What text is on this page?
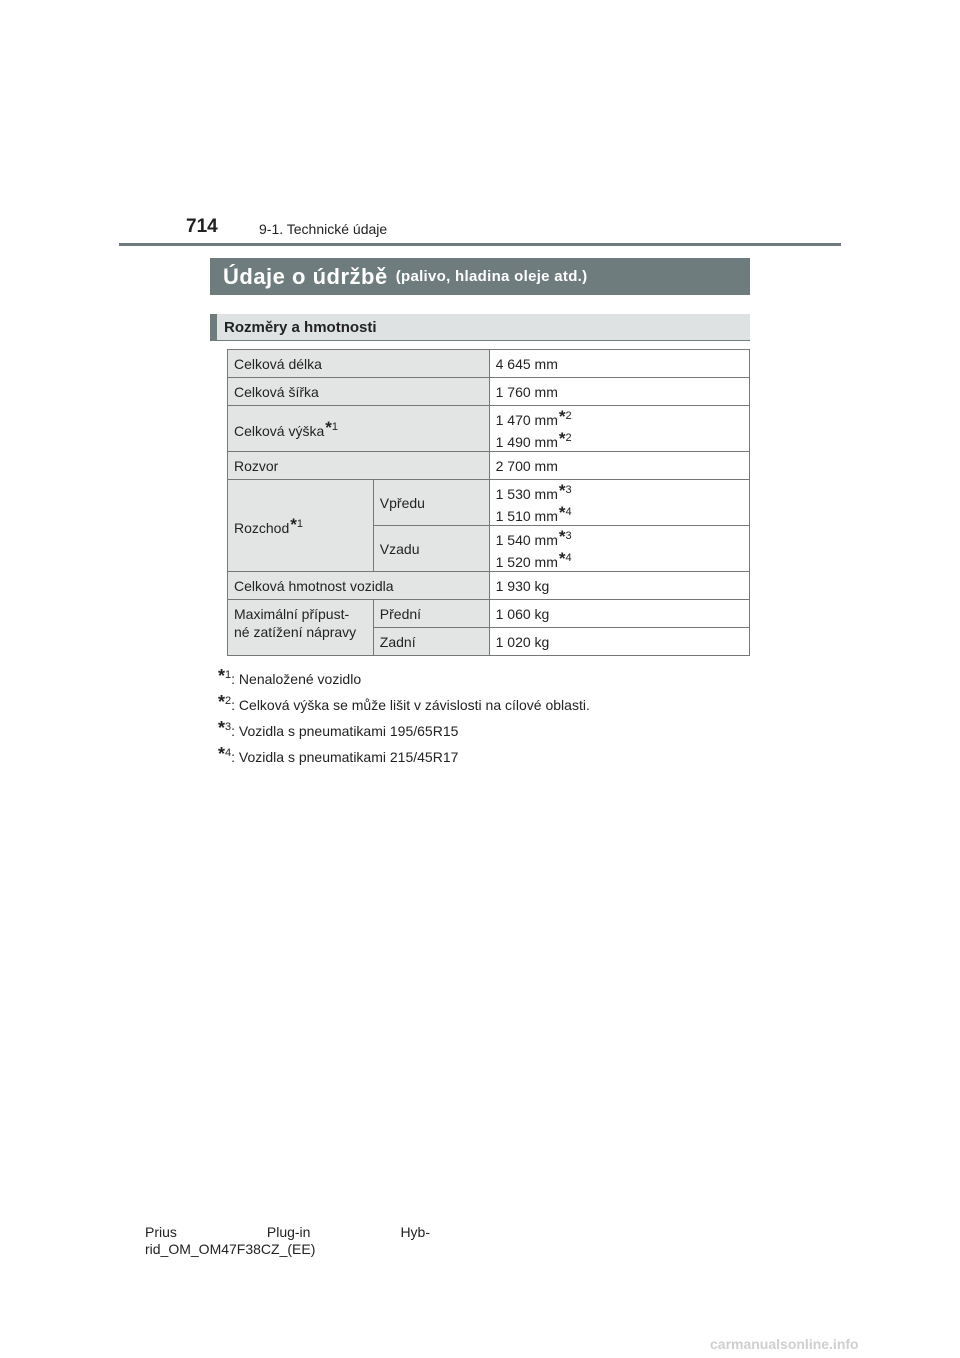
714	9-1. Technické údaje
Údaje o údržbě (palivo, hladina oleje atd.)
Rozměry a hmotnosti
Celková délka		4 645 mm
Celková šířka		1 760 mm
Celková výška*$^1$		1 470 mm*$^2$
1 490 mm*$^2$

Rozvor		2 700 mm
Rozchod*$^1$	Vpředu	1 530 mm*$^3$
1 510 mm*$^4$

	Vzadu	1 540 mm*$^3$
1 520 mm*$^4$

Celková hmotnost vozidla		1 930 kg

Maximální přípust-
né zatížení nápravy	Přední	1 060 kg
	Zadní	1 020 kg
*$^1$: Nenaložené vozidlo
*$^2$: Celková výška se může lišit v závislosti na cílové oblasti.
*$^3$: Vozidla s pneumatikami 195/65R15
*$^4$: Vozidla s pneumatikami 215/45R17
Prius	Plug-in	Hyb-
rid_OM_OM47F38CZ_(EE)
carmanualsonline.info
